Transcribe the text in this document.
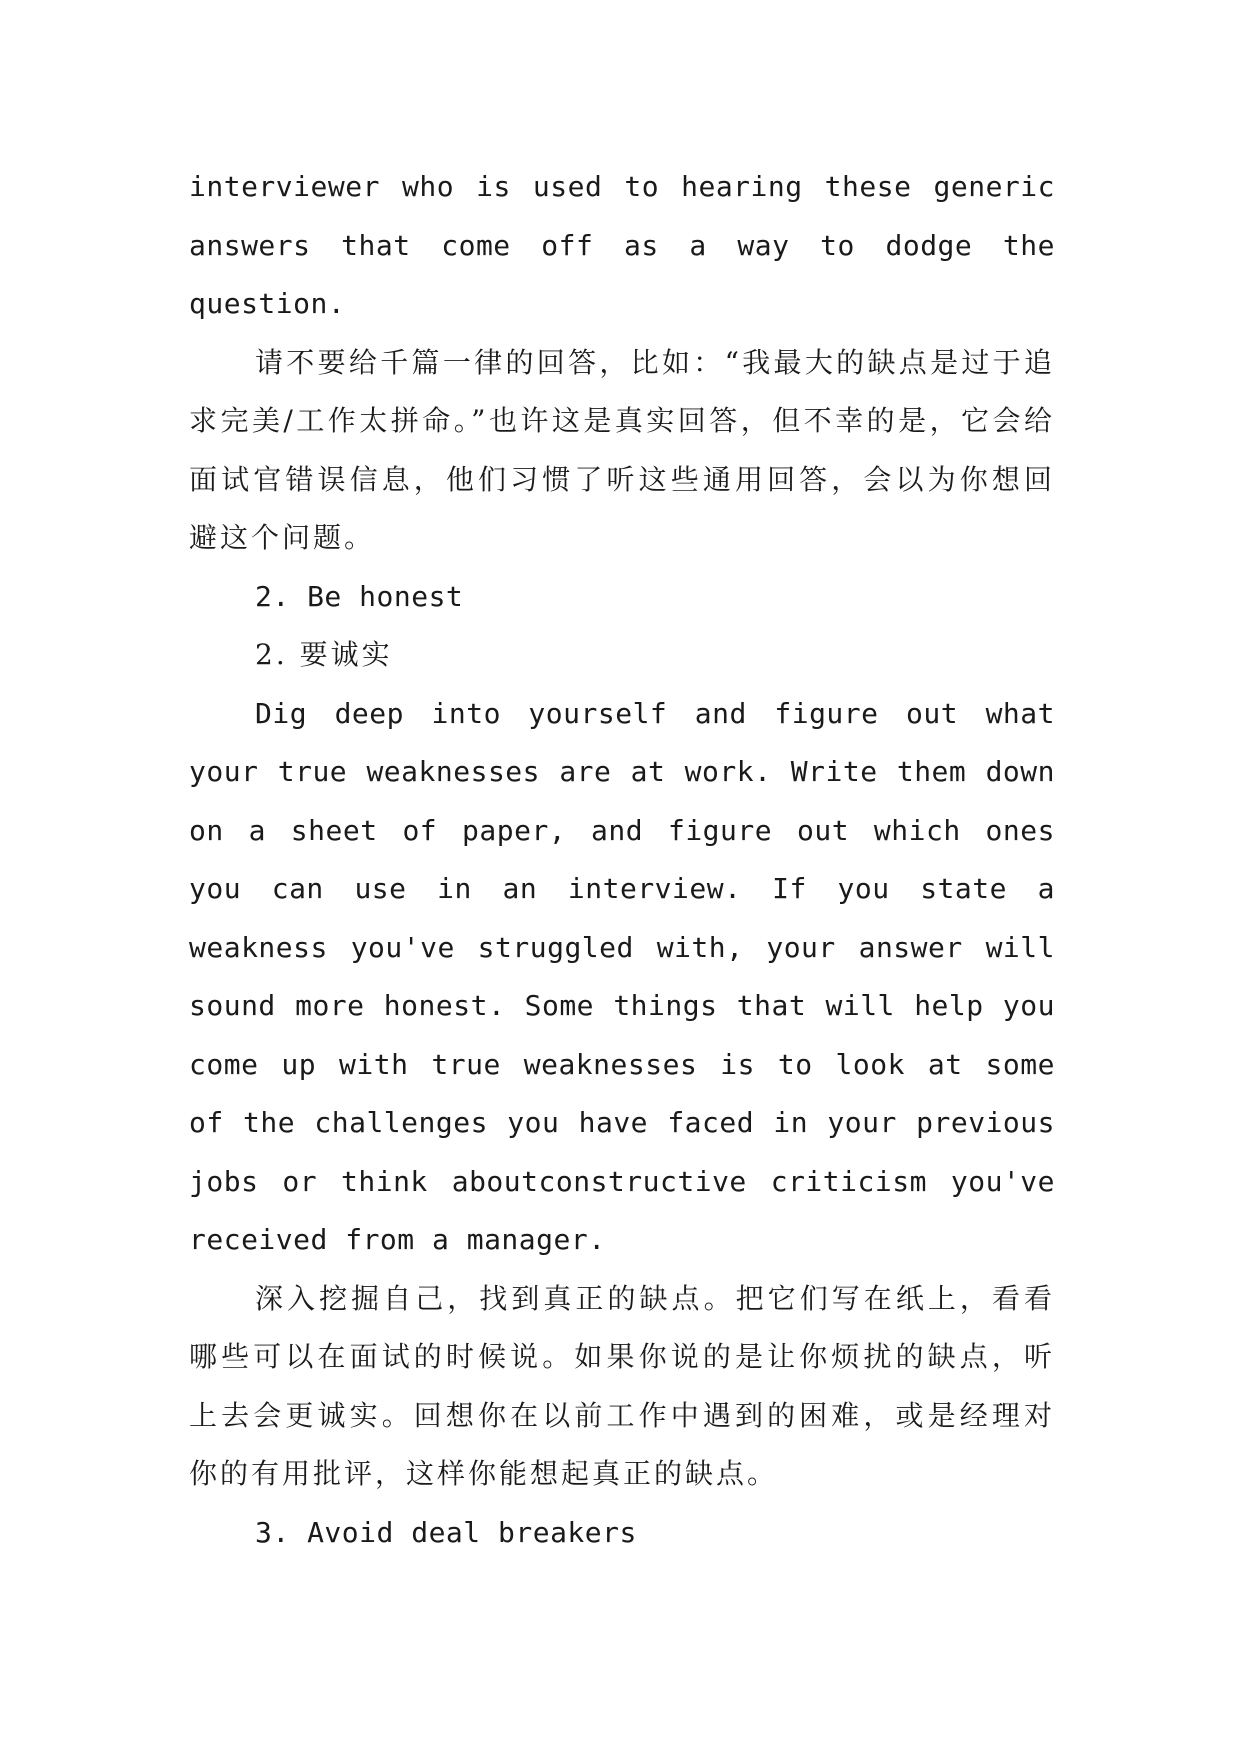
interviewer who is used to hearing these generic answers that come off as a way to dodge the question.

请不要给千篇一律的回答，比如：“我最大的缺点是过于追求完美/工作太拼命。”也许这是真实回答，但不幸的是，它会给面试官错误信息，他们习惯了听这些通用回答，会以为你想回避这个问题。

2. Be honest

2. 要诚实

Dig deep into yourself and figure out what your true weaknesses are at work. Write them down on a sheet of paper, and figure out which ones you can use in an interview. If you state a weakness you've struggled with, your answer will sound more honest. Some things that will help you come up with true weaknesses is to look at some of the challenges you have faced in your previous jobs or think aboutconstructive criticism you've received from a manager.

深入挖掘自己，找到真正的缺点。把它们写在纸上，看看哪些可以在面试的时候说。如果你说的是让你烦扰的缺点，听上去会更诚实。回想你在以前工作中遇到的困难，或是经理对你的有用批评，这样你能想起真正的缺点。

3. Avoid deal breakers
